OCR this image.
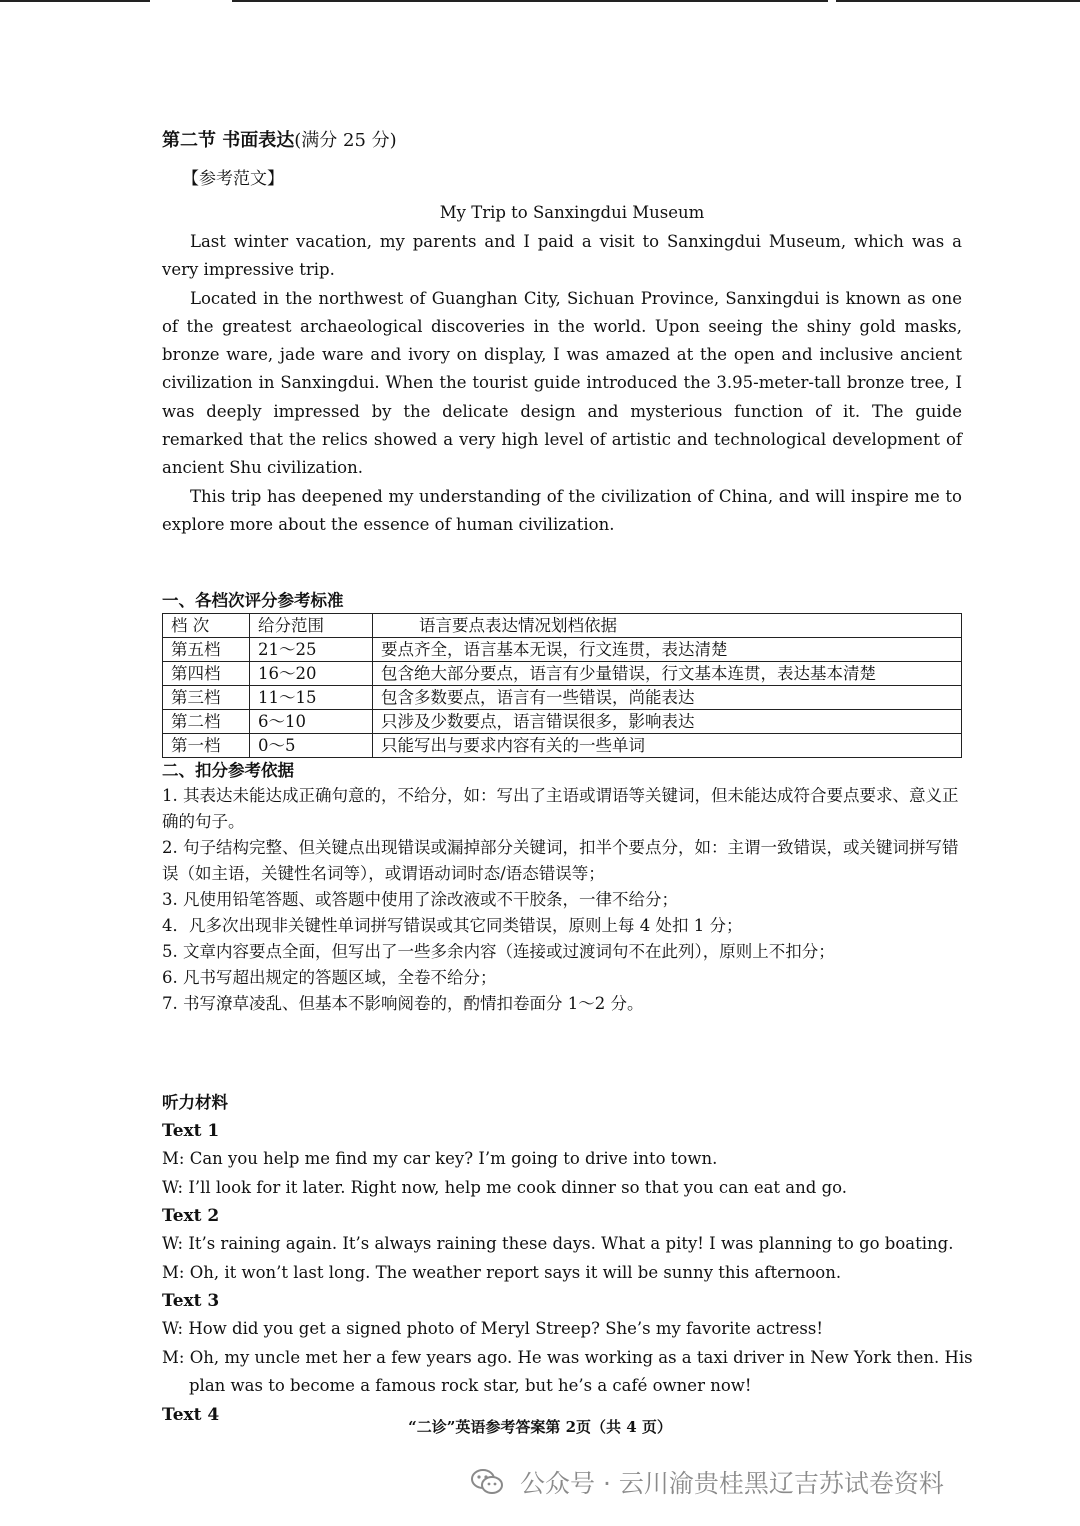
第二节 书面表达(满分 25 分)
【参考范文】
My Trip to Sanxingdui Museum

Last winter vacation, my parents and I paid a visit to Sanxingdui Museum, which was a very impressive trip.

Located in the northwest of Guanghan City, Sichuan Province, Sanxingdui is known as one of the greatest archaeological discoveries in the world. Upon seeing the shiny gold masks, bronze ware, jade ware and ivory on display, I was amazed at the open and inclusive ancient civilization in Sanxingdui. When the tourist guide introduced the 3.95-meter-tall bronze tree, I was deeply impressed by the delicate design and mysterious function of it. The guide remarked that the relics showed a very high level of artistic and technological development of ancient Shu civilization.

This trip has deepened my understanding of the civilization of China, and will inspire me to explore more about the essence of human civilization.

一、各档次评分参考标准
档 次	给分范围	语言要点表达情况划档依据
第五档	21～25	要点齐全，语言基本无误，行文连贯，表达清楚
第四档	16～20	包含绝大部分要点，语言有少量错误，行文基本连贯，表达基本清楚
第三档	11～15	包含多数要点，语言有一些错误，尚能表达
第二档	6～10	只涉及少数要点，语言错误很多，影响表达
第一档	0～5	只能写出与要求内容有关的一些单词
二、扣分参考依据

1. 其表达未能达成正确句意的，不给分，如：写出了主语或谓语等关键词，但未能达成符合要点要求、意义正确的句子。

2. 句子结构完整、但关键点出现错误或漏掉部分关键词，扣半个要点分，如：主谓一致错误，或关键词拼写错误（如主语，关键性名词等），或谓语动词时态/语态错误等；

3. 凡使用铅笔答题、或答题中使用了涂改液或不干胶条，一律不给分；

4．凡多次出现非关键性单词拼写错误或其它同类错误，原则上每 4 处扣 1 分；

5. 文章内容要点全面，但写出了一些多余内容（连接或过渡词句不在此列），原则上不扣分；

6. 凡书写超出规定的答题区域，全卷不给分；

7. 书写潦草凌乱、但基本不影响阅卷的，酌情扣卷面分 1～2 分。

听力材料
Text 1
M: Can you help me find my car key? I’m going to drive into town.
W: I’ll look for it later. Right now, help me cook dinner so that you can eat and go.
Text 2
W: It’s raining again. It’s always raining these days. What a pity! I was planning to go boating.
M: Oh, it won’t last long. The weather report says it will be sunny this afternoon.
Text 3
W: How did you get a signed photo of Meryl Streep? She’s my favorite actress!
M: Oh, my uncle met her a few years ago. He was working as a taxi driver in New York then. His
plan was to become a famous rock star, but he’s a café owner now!
Text 4
“二诊”英语参考答案第 2页（共 4 页）
公众号 · 云川渝贵桂黑辽吉苏试卷资料
